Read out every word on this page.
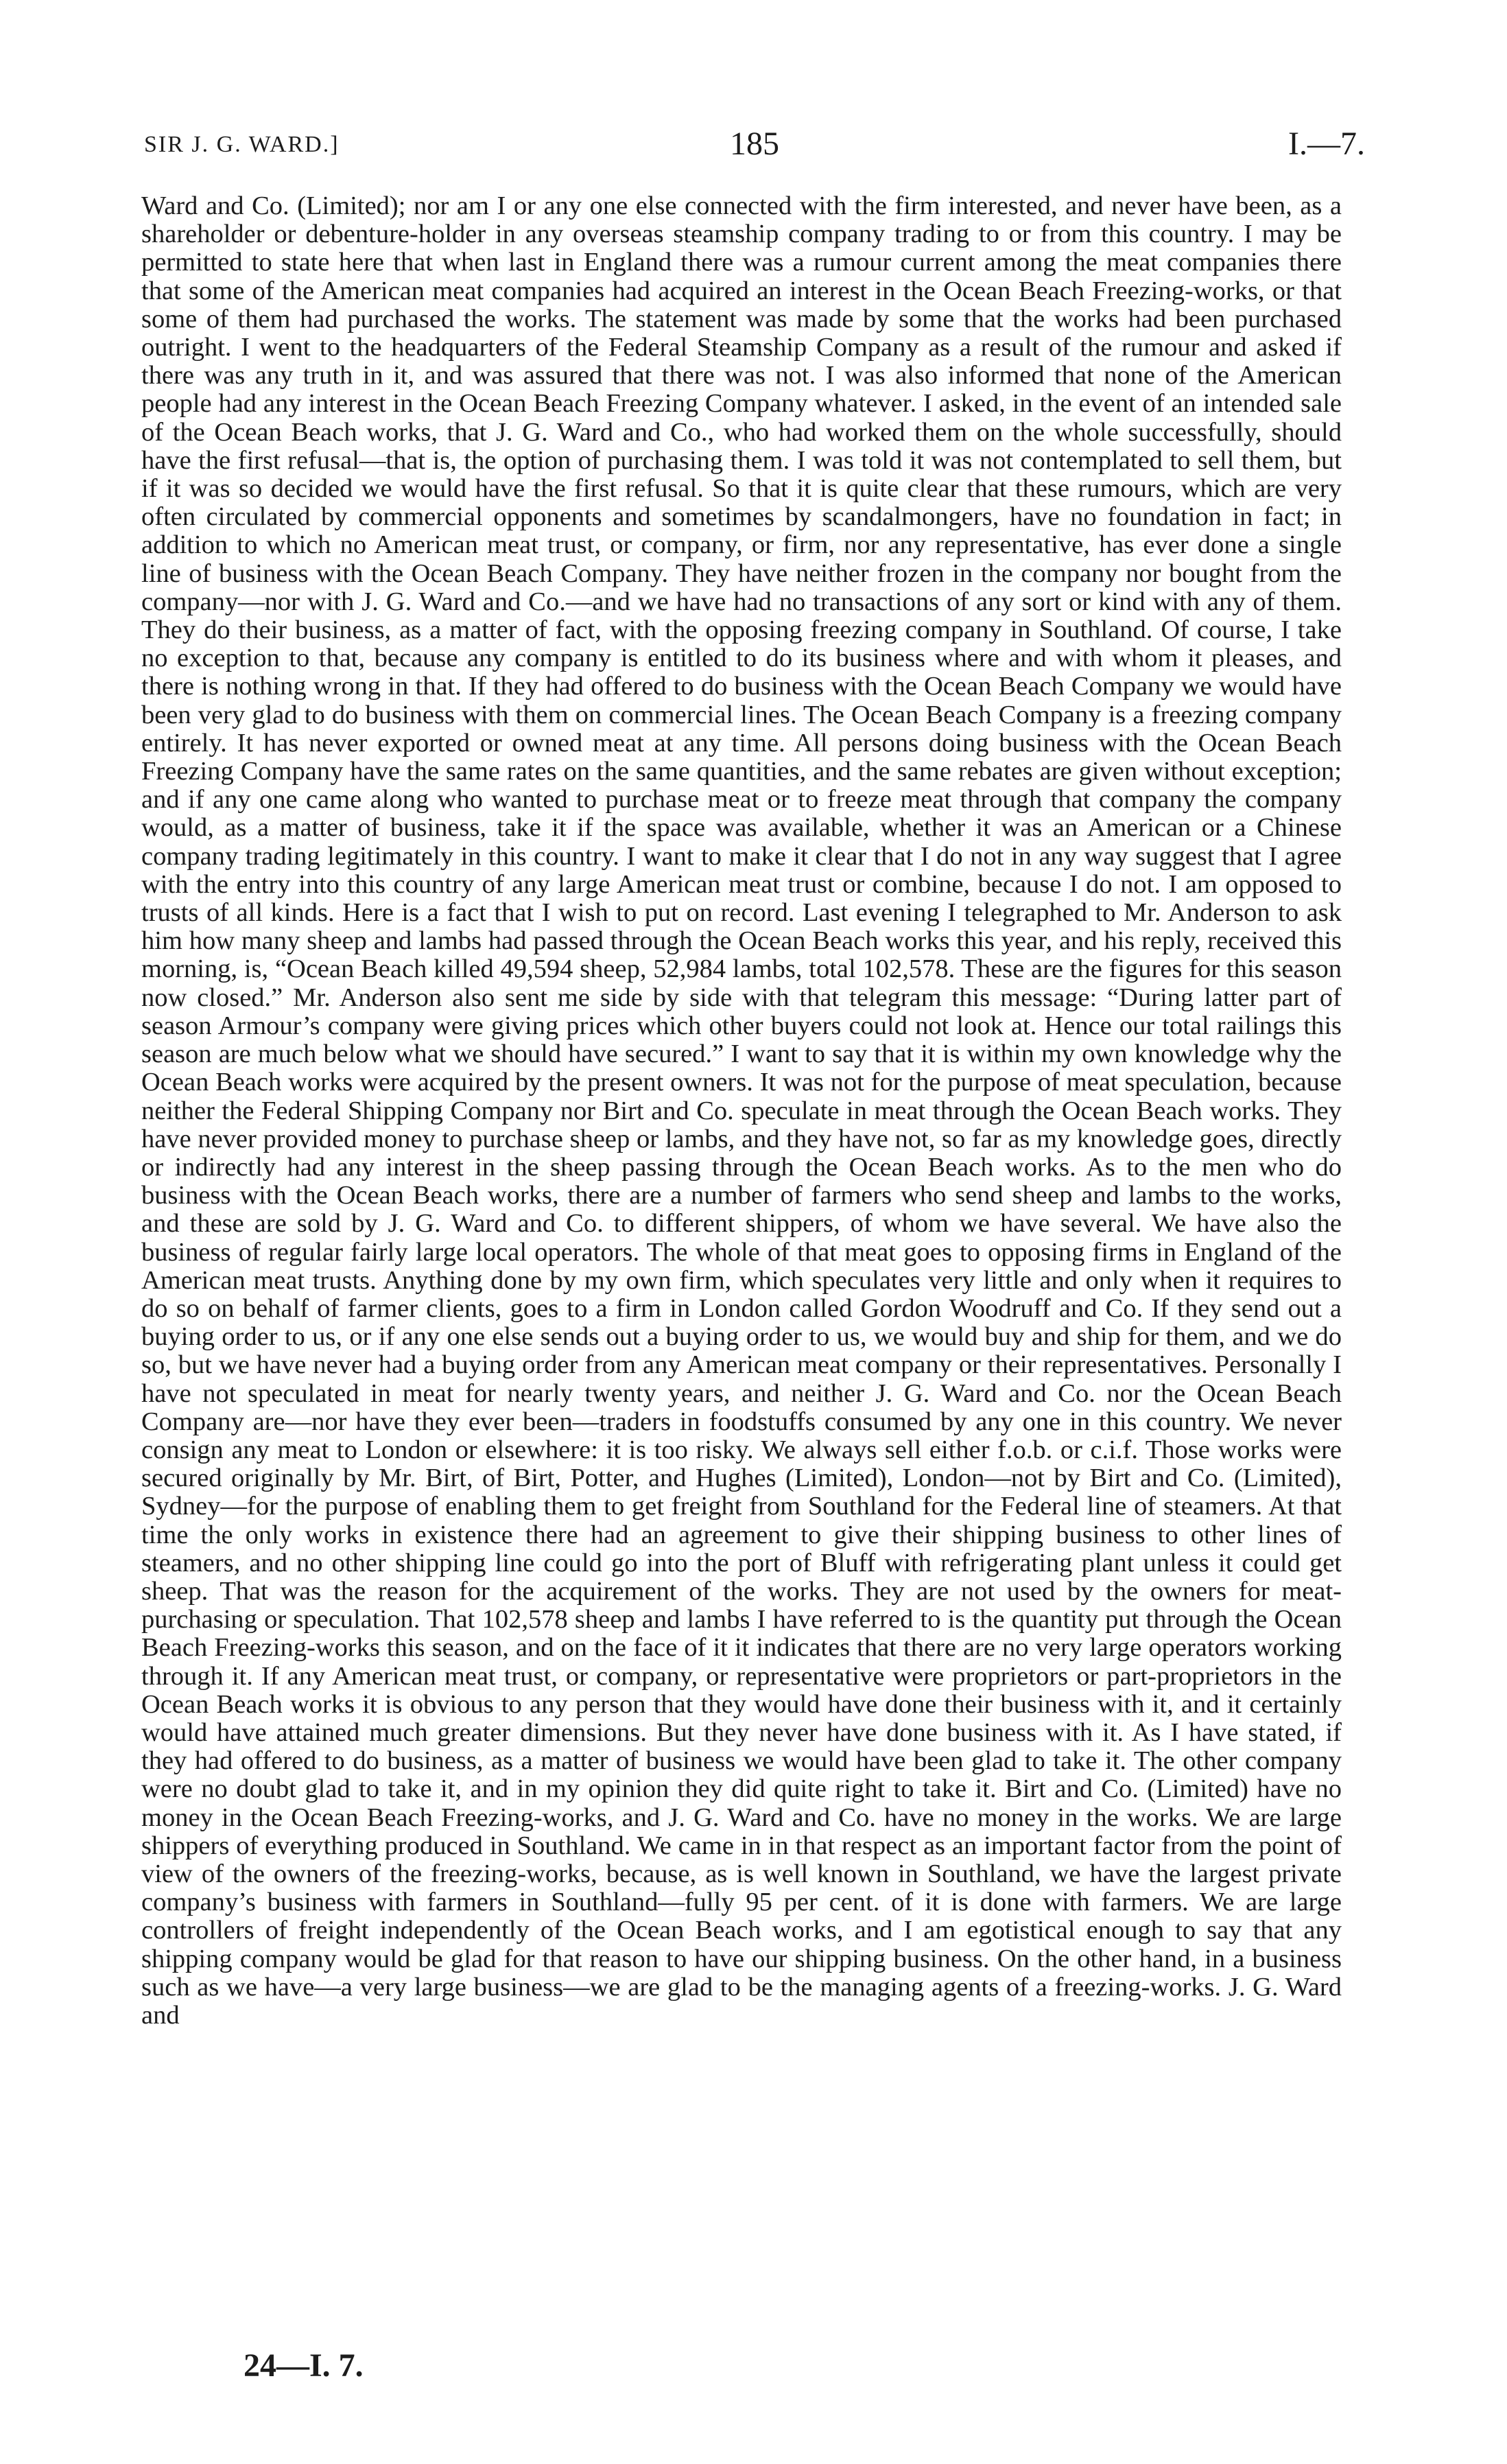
SIR J. G. WARD.]	185	I.—7.

Ward and Co. (Limited); nor am I or any one else connected with the firm interested, and never have been, as a shareholder or debenture-holder in any overseas steamship company trading to or from this country. I may be permitted to state here that when last in England there was a rumour current among the meat companies there that some of the American meat companies had acquired an interest in the Ocean Beach Freezing-works, or that some of them had purchased the works. The statement was made by some that the works had been purchased outright. I went to the headquarters of the Federal Steamship Company as a result of the rumour and asked if there was any truth in it, and was assured that there was not. I was also informed that none of the American people had any interest in the Ocean Beach Freezing Company whatever. I asked, in the event of an intended sale of the Ocean Beach works, that J. G. Ward and Co., who had worked them on the whole successfully, should have the first refusal—that is, the option of purchasing them. I was told it was not contemplated to sell them, but if it was so decided we would have the first refusal. So that it is quite clear that these rumours, which are very often circulated by commercial opponents and sometimes by scandalmongers, have no foundation in fact; in addition to which no American meat trust, or company, or firm, nor any representative, has ever done a single line of business with the Ocean Beach Company. They have neither frozen in the company nor bought from the company—nor with J. G. Ward and Co.—and we have had no transactions of any sort or kind with any of them. They do their business, as a matter of fact, with the opposing freezing company in Southland. Of course, I take no exception to that, because any company is entitled to do its business where and with whom it pleases, and there is nothing wrong in that. If they had offered to do business with the Ocean Beach Company we would have been very glad to do business with them on commercial lines. The Ocean Beach Company is a freezing company entirely. It has never exported or owned meat at any time. All persons doing business with the Ocean Beach Freezing Company have the same rates on the same quantities, and the same rebates are given without exception; and if any one came along who wanted to purchase meat or to freeze meat through that company the company would, as a matter of business, take it if the space was available, whether it was an American or a Chinese company trading legitimately in this country. I want to make it clear that I do not in any way suggest that I agree with the entry into this country of any large American meat trust or combine, because I do not. I am opposed to trusts of all kinds. Here is a fact that I wish to put on record. Last evening I telegraphed to Mr. Anderson to ask him how many sheep and lambs had passed through the Ocean Beach works this year, and his reply, received this morning, is, “Ocean Beach killed 49,594 sheep, 52,984 lambs, total 102,578. These are the figures for this season now closed.” Mr. Anderson also sent me side by side with that telegram this message: “During latter part of season Armour’s company were giving prices which other buyers could not look at. Hence our total railings this season are much below what we should have secured.” I want to say that it is within my own knowledge why the Ocean Beach works were acquired by the present owners. It was not for the purpose of meat speculation, because neither the Federal Shipping Company nor Birt and Co. speculate in meat through the Ocean Beach works. They have never provided money to purchase sheep or lambs, and they have not, so far as my knowledge goes, directly or indirectly had any interest in the sheep passing through the Ocean Beach works. As to the men who do business with the Ocean Beach works, there are a number of farmers who send sheep and lambs to the works, and these are sold by J. G. Ward and Co. to different shippers, of whom we have several. We have also the business of regular fairly large local operators. The whole of that meat goes to opposing firms in England of the American meat trusts. Anything done by my own firm, which speculates very little and only when it requires to do so on behalf of farmer clients, goes to a firm in London called Gordon Woodruff and Co. If they send out a buying order to us, or if any one else sends out a buying order to us, we would buy and ship for them, and we do so, but we have never had a buying order from any American meat company or their representatives. Personally I have not speculated in meat for nearly twenty years, and neither J. G. Ward and Co. nor the Ocean Beach Company are—nor have they ever been—traders in foodstuffs consumed by any one in this country. We never consign any meat to London or elsewhere: it is too risky. We always sell either f.o.b. or c.i.f. Those works were secured originally by Mr. Birt, of Birt, Potter, and Hughes (Limited), London—not by Birt and Co. (Limited), Sydney—for the purpose of enabling them to get freight from Southland for the Federal line of steamers. At that time the only works in existence there had an agreement to give their shipping business to other lines of steamers, and no other shipping line could go into the port of Bluff with refrigerating plant unless it could get sheep. That was the reason for the acquirement of the works. They are not used by the owners for meat-purchasing or speculation. That 102,578 sheep and lambs I have referred to is the quantity put through the Ocean Beach Freezing-works this season, and on the face of it it indicates that there are no very large operators working through it. If any American meat trust, or company, or representative were proprietors or part-proprietors in the Ocean Beach works it is obvious to any person that they would have done their business with it, and it certainly would have attained much greater dimensions. But they never have done business with it. As I have stated, if they had offered to do business, as a matter of business we would have been glad to take it. The other company were no doubt glad to take it, and in my opinion they did quite right to take it. Birt and Co. (Limited) have no money in the Ocean Beach Freezing-works, and J. G. Ward and Co. have no money in the works. We are large shippers of everything produced in Southland. We came in in that respect as an important factor from the point of view of the owners of the freezing-works, because, as is well known in Southland, we have the largest private company’s business with farmers in Southland—fully 95 per cent. of it is done with farmers. We are large controllers of freight independently of the Ocean Beach works, and I am egotistical enough to say that any shipping company would be glad for that reason to have our shipping business. On the other hand, in a business such as we have—a very large business—we are glad to be the managing agents of a freezing-works. J. G. Ward and

24—I. 7.
